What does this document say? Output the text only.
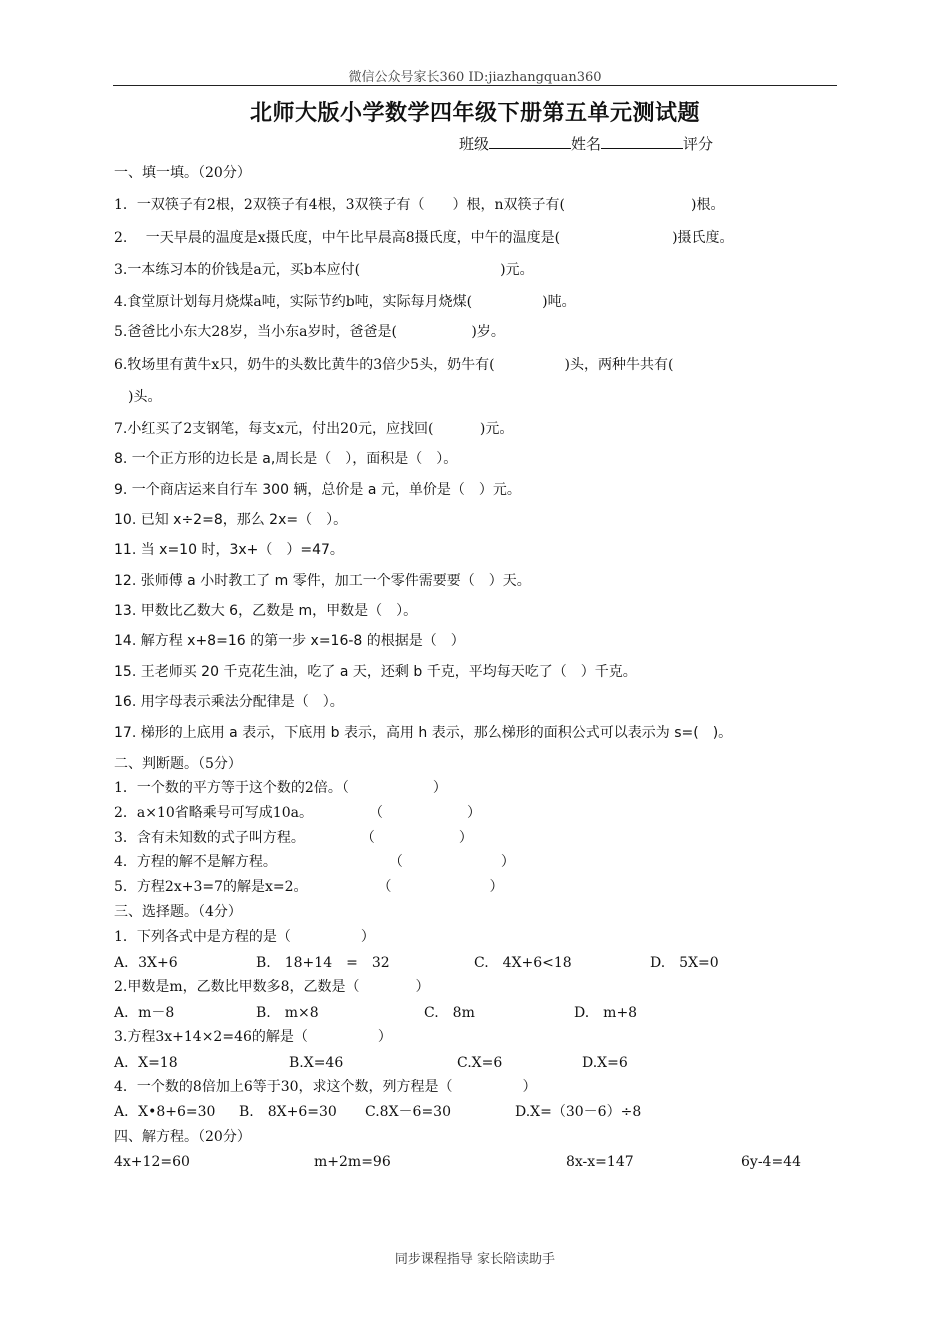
微信公众号家长360 ID:jiazhangquan360
北师大版小学数学四年级下册第五单元测试题
班级	姓名	评分
一、填一填。（20分）
1．一双筷子有2根，2双筷子有4根，3双筷子有（　　）根，n双筷子有(　　　　　　　　　)根。
2.　 一天早晨的温度是x摄氏度，中午比早晨高8摄氏度，中午的温度是(　　　　　　　　)摄氏度。
3.一本练习本的价钱是a元，买b本应付(　　　　　　　　　　)元。
4.食堂原计划每月烧煤a吨，实际节约b吨，实际每月烧煤(　　　　　)吨。
5.爸爸比小东大28岁，当小东a岁时，爸爸是(　　　　　 )岁。
6.牧场里有黄牛x只，奶牛的头数比黄牛的3倍少5头，奶牛有(　　　　　)头，两种牛共有(
　)头。
7.小红买了2支钢笔，每支x元，付出20元，应找回(　　　 )元。
8. 一个正方形的边长是 a,周长是（　），面积是（　）。
9. 一个商店运来自行车 300 辆，总价是 a 元，单价是（　）元。
10. 已知 x÷2=8，那么 2x=（　）。
11. 当 x=10 时，3x+（　）=47。
12. 张师傅 a 小时教工了 m 零件，加工一个零件需要要（　）天。
13. 甲数比乙数大 6，乙数是 m，甲数是（　）。
14. 解方程 x+8=16 的第一步 x=16-8 的根据是（　）
15. 王老师买 20 千克花生油，吃了 a 天，还剩 b 千克，平均每天吃了（　）千克。
16. 用字母表示乘法分配律是（　）。
17. 梯形的上底用 a 表示，下底用 b 表示，高用 h 表示，那么梯形的面积公式可以表示为 s=(　)。
二、判断题。（5分）
1．一个数的平方等于这个数的2倍。（　　　　　　）
2．a×10省略乘号可写成10a。　　　　　（　　　　　　）
3．含有未知数的式子叫方程。　　　　　（　　　　　　）
4．方程的解不是解方程。　　　　　　　　　（　　　　　　　）
5．方程2x+3=7的解是x=2。　　　　　　（　　　　　　　）
三、选择题。（4分）
1．下列各式中是方程的是（　　　　　）
A．3X+6	B.　18+14　=　32	C.　4X+6<18	D.　5X=0
2.甲数是m，乙数比甲数多8，乙数是（　　　　）
A．m－8	B.　m×8	C.　8m	D.　m+8
3.方程3x+14×2=46的解是（　　　　　）
A．X=18	B.X=46	C.X=6	D.X=6
4．一个数的8倍加上6等于30，求这个数，列方程是（　　　　　）
A．X•8+6=30 B.　8X+6=30 C.8X－6=30	D.X=（30－6）÷8
四、解方程。（20分）
4x+12=60	m+2m=96	8x-x=147	6y-4=44
同步课程指导 家长陪读助手
